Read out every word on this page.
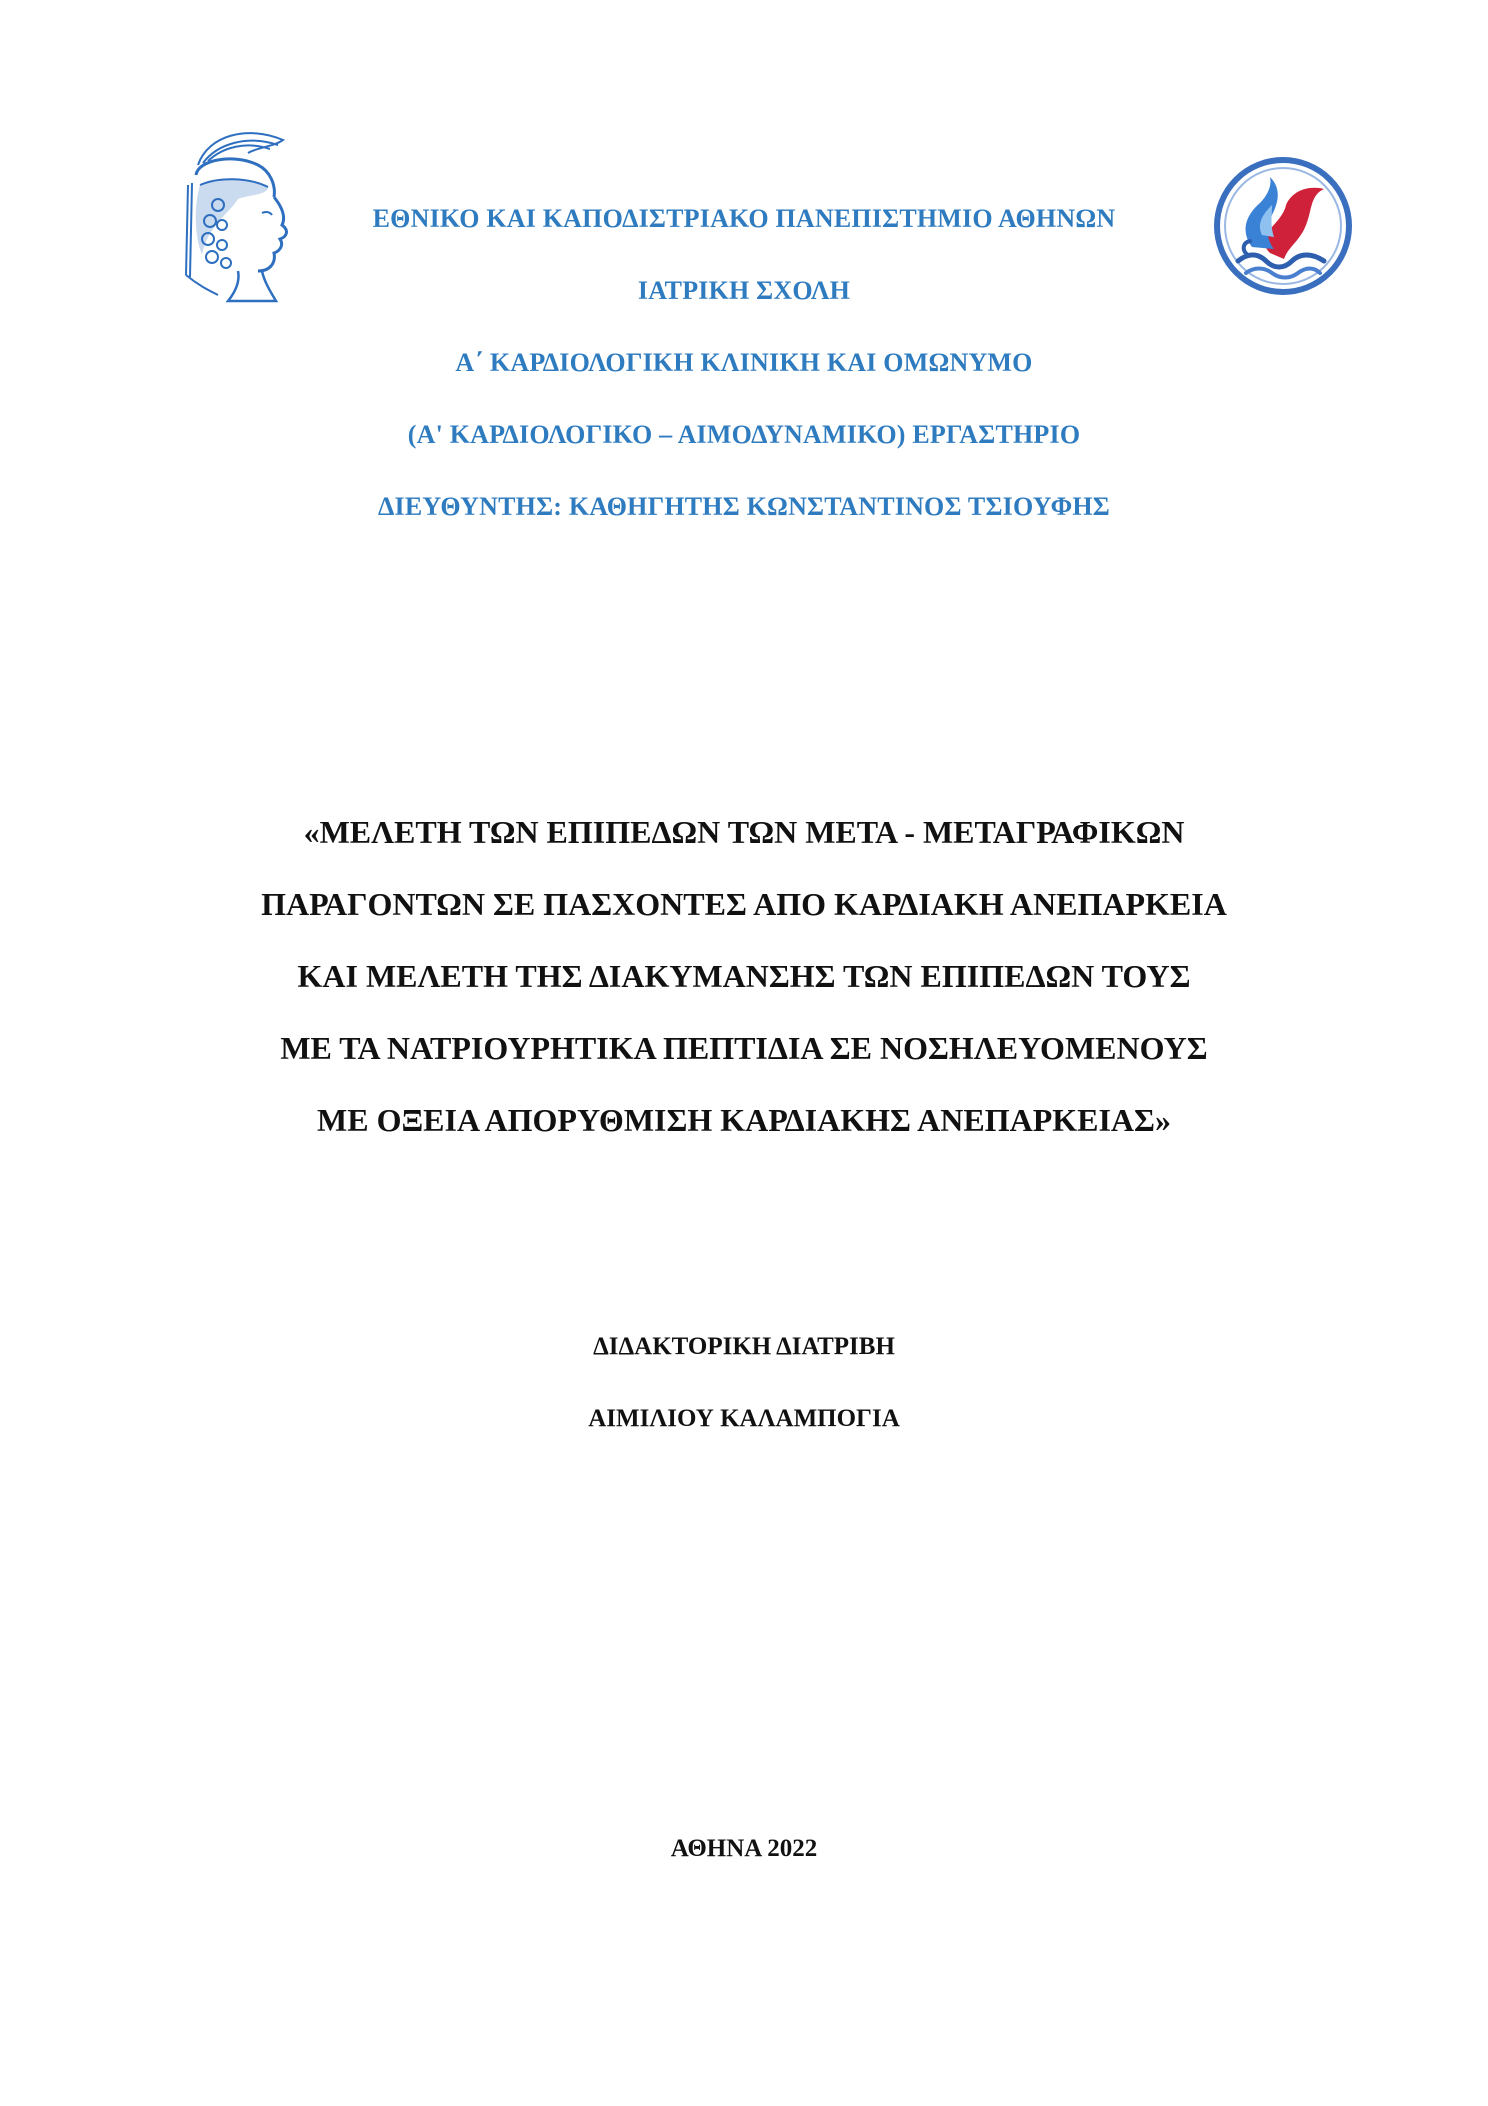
ΕΘΝΙΚΟ ΚΑΙ ΚΑΠΟΔΙΣΤΡΙΑΚΟ ΠΑΝΕΠΙΣΤΗΜΙΟ ΑΘΗΝΩΝ
ΙΑΤΡΙΚΗ ΣΧΟΛΗ
Α΄ ΚΑΡΔΙΟΛΟΓΙΚΗ ΚΛΙΝΙΚΗ ΚΑΙ ΟΜΩΝΥΜΟ
(Α' ΚΑΡΔΙΟΛΟΓΙΚΟ – ΑΙΜΟΔΥΝΑΜΙΚΟ) ΕΡΓΑΣΤΗΡΙΟ
ΔΙΕΥΘΥΝΤΗΣ: ΚΑΘΗΓΗΤΗΣ ΚΩΝΣΤΑΝΤΙΝΟΣ ΤΣΙΟΥΦΗΣ
«ΜΕΛΕΤΗ ΤΩΝ ΕΠΙΠΕΔΩΝ ΤΩΝ ΜΕΤΑ - ΜΕΤΑΓΡΑΦΙΚΩΝ
ΠΑΡΑΓΟΝΤΩΝ ΣΕ ΠΑΣΧΟΝΤΕΣ ΑΠΟ ΚΑΡΔΙΑΚΗ ΑΝΕΠΑΡΚΕΙΑ
ΚΑΙ ΜΕΛΕΤΗ ΤΗΣ ΔΙΑΚΥΜΑΝΣΗΣ ΤΩΝ ΕΠΙΠΕΔΩΝ ΤΟΥΣ
ΜΕ ΤΑ ΝΑΤΡΙΟΥΡΗΤΙΚΑ ΠΕΠΤΙΔΙΑ ΣΕ ΝΟΣΗΛΕΥΟΜΕΝΟΥΣ
ΜΕ ΟΞΕΙΑ ΑΠΟΡΥΘΜΙΣΗ ΚΑΡΔΙΑΚΗΣ ΑΝΕΠΑΡΚΕΙΑΣ»
ΔΙΔΑΚΤΟΡΙΚΗ ΔΙΑΤΡΙΒΗ
ΑΙΜΙΛΙΟΥ ΚΑΛΑΜΠΟΓΙΑ
ΑΘΗΝΑ 2022
